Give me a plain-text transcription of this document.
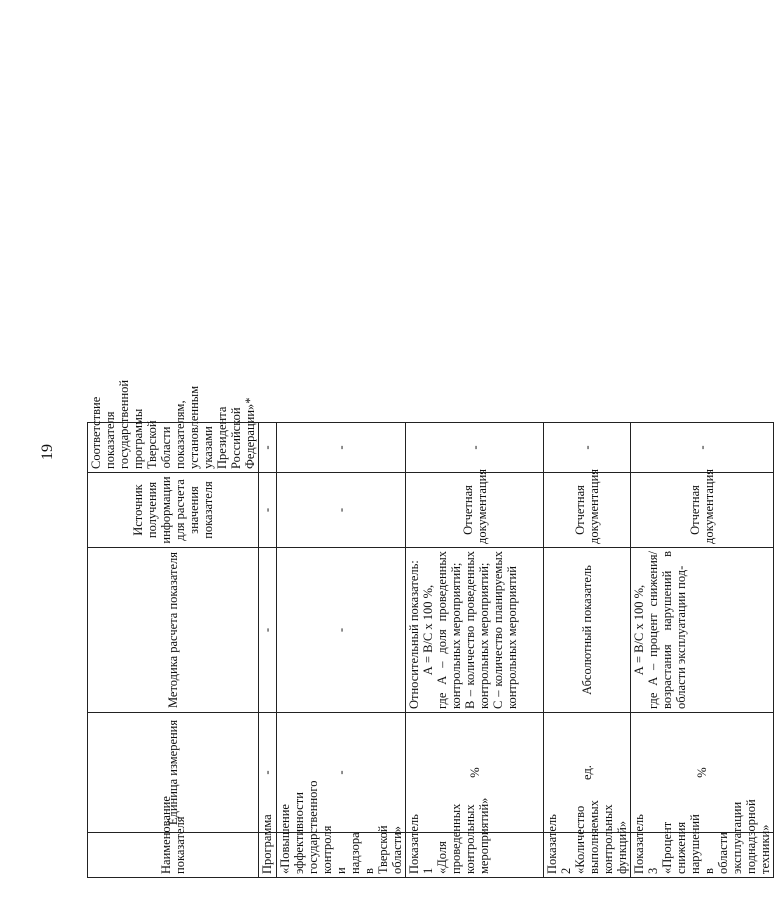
19
Наименование показателя	Единица измерения	Методика расчета показателя	Источник получения информации для расчета значения показателя	Соответствие показателя государственной программы Тверской области показателям, установленным указами Президента Российской Федерации»*
Программа	-	-	-	-
«Повышение эффективности государственного контроля и надзора в Тверской области»	-	-	-	-
Показатель 1 «Доля проведенных контрольных мероприятий»	%	Относительный показатель: А = В/С х 100 %, где А – доля проведенных контрольных мероприятий; В – количество проведенных контрольных мероприятий; С – количество планируемых контрольных мероприятий	Отчетная документация	-
Показатель 2 «Количество выполняемых контрольных функций»	ед.	Абсолютный показатель	Отчетная документация	-
Показатель 3 «Процент снижения нарушений в области эксплуатации поднадзорной техники»	%	А = В/С х 100 %, где А – процент снижения/ возрастания нарушений в области эксплуатации под-	Отчетная документация	-
